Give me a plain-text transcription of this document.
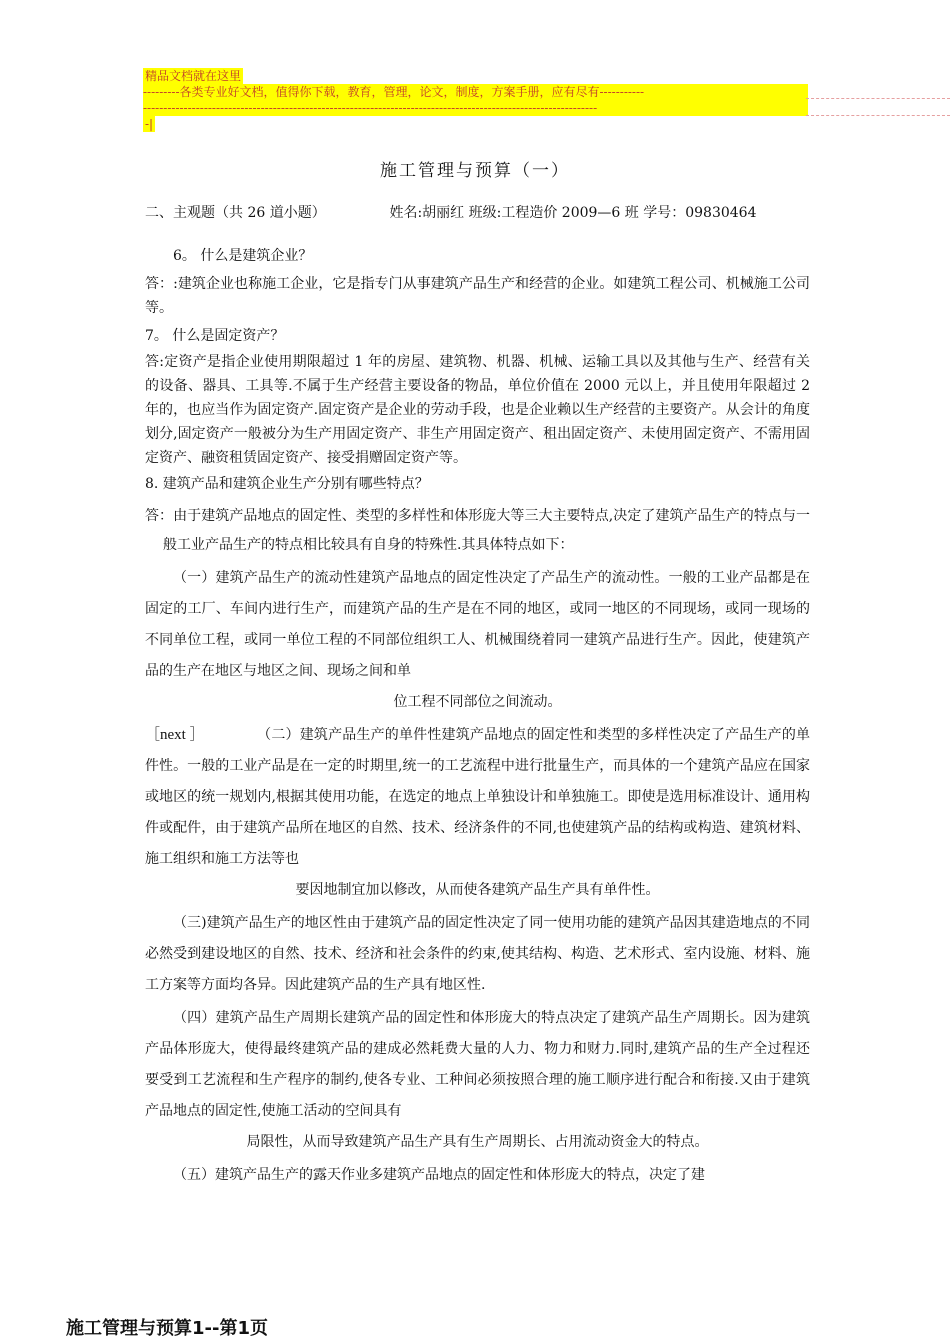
精品文档就在这里
---------各类专业好文档，值得你下载，教育，管理，论文，制度，方案手册，应有尽有-----------
----------------------------------------------------------------------------------------------------------------
-|
施工管理与预算（一）
二、主观题（共 26 道小题）	姓名:胡丽红 班级:工程造价 2009—6 班 学号：09830464

6。 什么是建筑企业？

答：:建筑企业也称施工企业，它是指专门从事建筑产品生产和经营的企业。如建筑工程公司、机械施工公司等。

7。 什么是固定资产？

答:定资产是指企业使用期限超过 1 年的房屋、建筑物、机器、机械、运输工具以及其他与生产、经营有关的设备、器具、工具等.不属于生产经营主要设备的物品，单位价值在 2000 元以上，并且使用年限超过 2 年的，也应当作为固定资产.固定资产是企业的劳动手段，也是企业赖以生产经营的主要资产。从会计的角度划分,固定资产一般被分为生产用固定资产、非生产用固定资产、租出固定资产、未使用固定资产、不需用固定资产、融资租赁固定资产、接受捐赠固定资产等。

8. 建筑产品和建筑企业生产分别有哪些特点？

答：由于建筑产品地点的固定性、类型的多样性和体形庞大等三大主要特点,决定了建筑产品生产的特点与一般工业产品生产的特点相比较具有自身的特殊性.其具体特点如下：

（一）建筑产品生产的流动性建筑产品地点的固定性决定了产品生产的流动性。一般的工业产品都是在固定的工厂、车间内进行生产，而建筑产品的生产是在不同的地区，或同一地区的不同现场，或同一现场的不同单位工程，或同一单位工程的不同部位组织工人、机械围绕着同一建筑产品进行生产。因此，使建筑产品的生产在地区与地区之间、现场之间和单

位工程不同部位之间流动。

［next ］	（二）建筑产品生产的单件性建筑产品地点的固定性和类型的多样性决定了产品生产的单件性。一般的工业产品是在一定的时期里,统一的工艺流程中进行批量生产，而具体的一个建筑产品应在国家或地区的统一规划内,根据其使用功能，在选定的地点上单独设计和单独施工。即使是选用标准设计、通用构件或配件，由于建筑产品所在地区的自然、技术、经济条件的不同,也使建筑产品的结构或构造、建筑材料、施工组织和施工方法等也

要因地制宜加以修改，从而使各建筑产品生产具有单件性。

（三)建筑产品生产的地区性由于建筑产品的固定性决定了同一使用功能的建筑产品因其建造地点的不同必然受到建设地区的自然、技术、经济和社会条件的约束,使其结构、构造、艺术形式、室内设施、材料、施工方案等方面均各异。因此建筑产品的生产具有地区性.

（四）建筑产品生产周期长建筑产品的固定性和体形庞大的特点决定了建筑产品生产周期长。因为建筑产品体形庞大，使得最终建筑产品的建成必然耗费大量的人力、物力和财力.同时,建筑产品的生产全过程还要受到工艺流程和生产程序的制约,使各专业、工种间必须按照合理的施工顺序进行配合和衔接.又由于建筑产品地点的固定性,使施工活动的空间具有

局限性，从而导致建筑产品生产具有生产周期长、占用流动资金大的特点。

（五）建筑产品生产的露天作业多建筑产品地点的固定性和体形庞大的特点，决定了建

施工管理与预算1--第1页
